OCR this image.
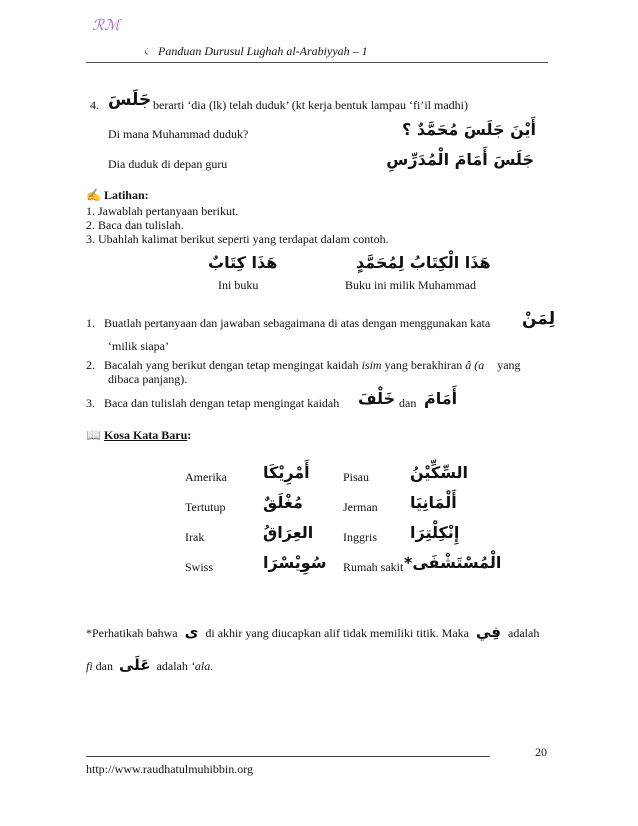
ℛℳ
Panduan Durusul Lughah al-Arabiyyah – 1
4. جَلَسَ berarti ‘dia (lk) telah duduk’ (kt kerja bentuk lampau ‘fi’il madhi)
Di mana Muhammad duduk?	أَيْنَ جَلَسَ مُحَمَّدٌ ؟
Dia duduk di depan guru	جَلَسَ أَمَامَ الْمُدَرِّسِ
✍ Latihan:
1. Jawablah pertanyaan berikut.
2. Baca dan tulislah.
3. Ubahlah kalimat berikut seperti yang terdapat dalam contoh.
هَذَا كِتَابٌ
Ini buku
هَذَا الْكِتَابُ لِمُحَمَّدٍ
Buku ini milik Muhammad
1. Buatlah pertanyaan dan jawaban sebagaimana di atas dengan menggunakan kata لِمَنْ
‘milik siapa’
2. Bacalah yang berikut dengan tetap mengingat kaidah isim yang berakhiran â (a yang
dibaca panjang).
3. Baca dan tulislah dengan tetap mengingat kaidah خَلْفَ dan أَمَامَ
📖 Kosa Kata Baru:
Amerika أَمْرِيْكَا	Pisau	السِّكِّيْنُ
Tertutup مُغْلَقٌ	Jerman أَلْمَانِيَا
Irak	العِرَاقُ Inggris إِنْكِلْتِرَا
Swiss	سُوِيْسْرَا Rumah sakit الْمُسْتَشْفَى*
*Perhatikah bahwa ى di akhir yang diucapkan alif tidak memiliki titik. Maka فِي adalah
fi dan عَلَى adalah ‘ala.
20
http://www.raudhatulmuhibbin.org
